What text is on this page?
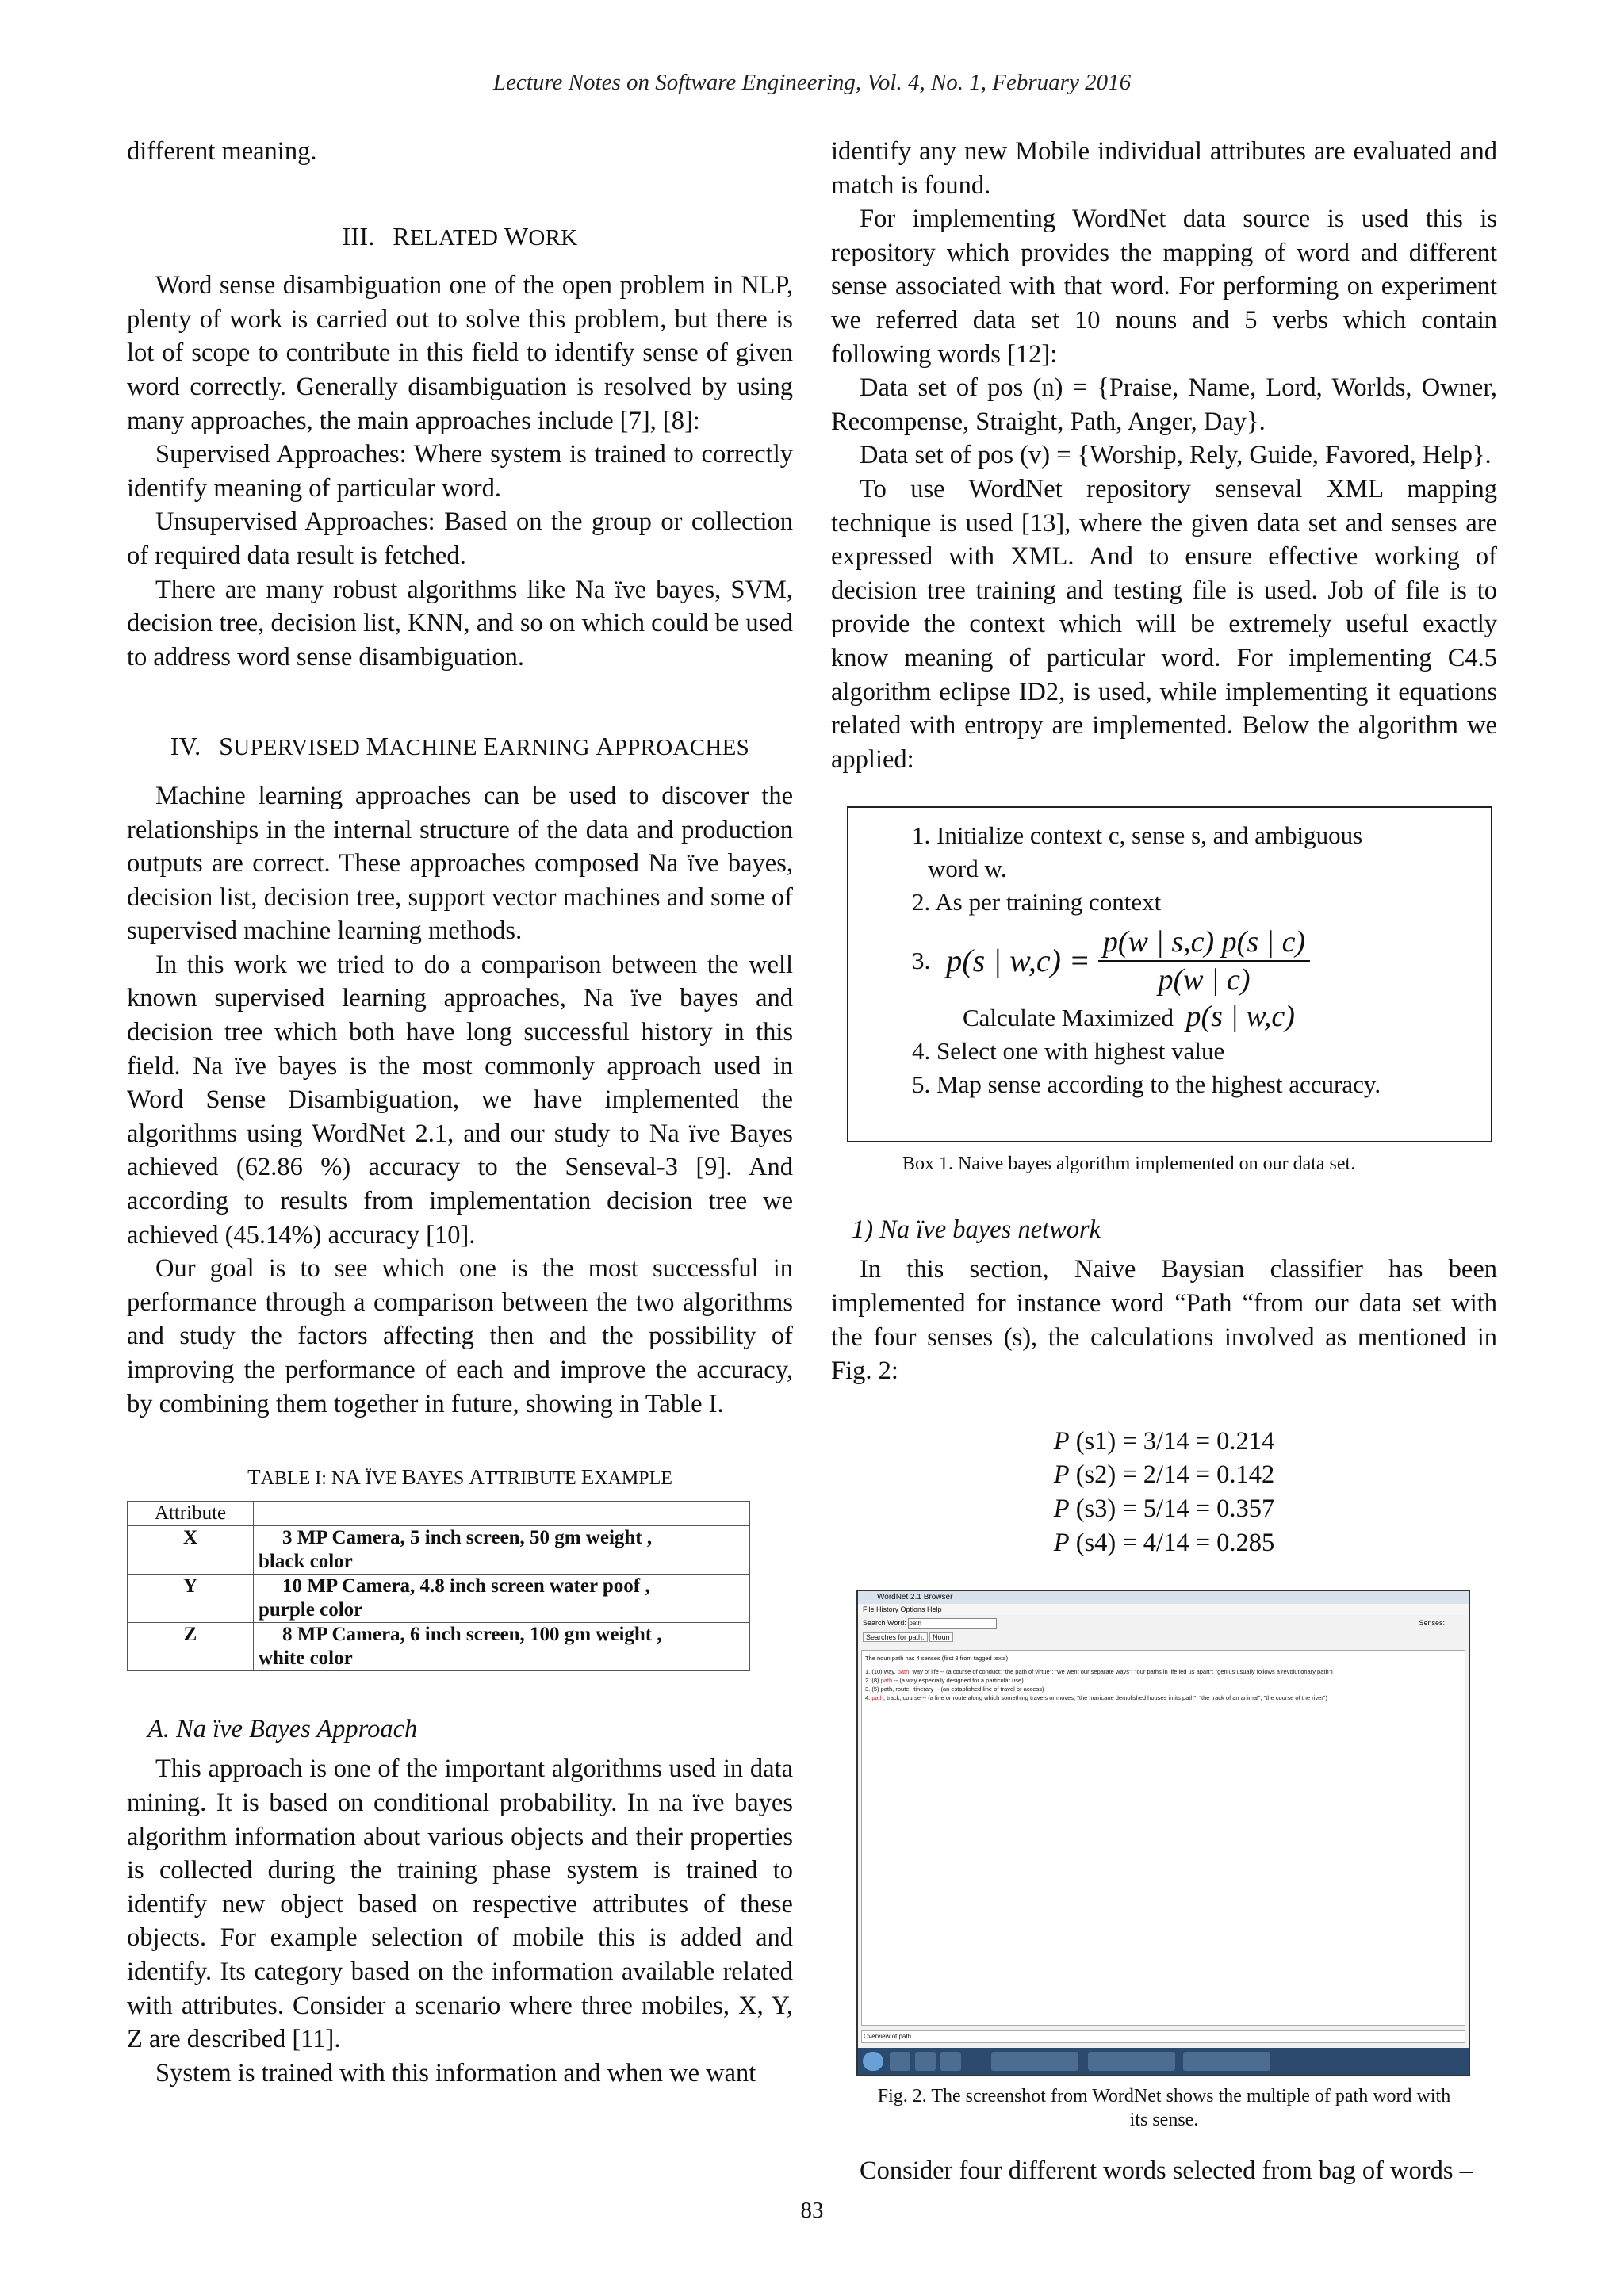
Lecture Notes on Software Engineering, Vol. 4, No. 1, February 2016

different meaning.

III. RELATED WORK

Word sense disambiguation one of the open problem in NLP, plenty of work is carried out to solve this problem, but there is lot of scope to contribute in this field to identify sense of given word correctly. Generally disambiguation is resolved by using many approaches, the main approaches include [7], [8]:

Supervised Approaches: Where system is trained to correctly identify meaning of particular word.

Unsupervised Approaches: Based on the group or collection of required data result is fetched.

There are many robust algorithms like Na ïve bayes, SVM, decision tree, decision list, KNN, and so on which could be used to address word sense disambiguation.

IV. SUPERVISED MACHINE EARNING APPROACHES

Machine learning approaches can be used to discover the relationships in the internal structure of the data and production outputs are correct. These approaches composed Na ïve bayes, decision list, decision tree, support vector machines and some of supervised machine learning methods.

In this work we tried to do a comparison between the well known supervised learning approaches, Na ïve bayes and decision tree which both have long successful history in this field. Na ïve bayes is the most commonly approach used in Word Sense Disambiguation, we have implemented the algorithms using WordNet 2.1, and our study to Na ïve Bayes achieved (62.86 %) accuracy to the Senseval-3 [9]. And according to results from implementation decision tree we achieved (45.14%) accuracy [10].

Our goal is to see which one is the most successful in performance through a comparison between the two algorithms and study the factors affecting then and the possibility of improving the performance of each and improve the accuracy, by combining them together in future, showing in Table I.

TABLE I: NA ÏVE BAYES ATTRIBUTE EXAMPLE
Attribute	
X	3 MP Camera, 5 inch screen, 50 gm weight ,
black color

Y	10 MP Camera, 4.8 inch screen water poof ,
purple color

Z	8 MP Camera, 6 inch screen, 100 gm weight ,
white color
A. Na ïve Bayes Approach

This approach is one of the important algorithms used in data mining. It is based on conditional probability. In na ïve bayes algorithm information about various objects and their properties is collected during the training phase system is trained to identify new object based on respective attributes of these objects. For example selection of mobile this is added and identify. Its category based on the information available related with attributes. Consider a scenario where three mobiles, X, Y, Z are described [11].

System is trained with this information and when we want

identify any new Mobile individual attributes are evaluated and match is found.

For implementing WordNet data source is used this is repository which provides the mapping of word and different sense associated with that word. For performing on experiment we referred data set 10 nouns and 5 verbs which contain following words [12]:

Data set of pos (n) = {Praise, Name, Lord, Worlds, Owner, Recompense, Straight, Path, Anger, Day}.

Data set of pos (v) = {Worship, Rely, Guide, Favored, Help}.

To use WordNet repository senseval XML mapping technique is used [13], where the given data set and senses are expressed with XML. And to ensure effective working of decision tree training and testing file is used. Job of file is to provide the context which will be extremely useful exactly know meaning of particular word. For implementing C4.5 algorithm eclipse ID2, is used, while implementing it equations related with entropy are implemented. Below the algorithm we applied:

1. Initialize context c, sense s, and ambiguous
word w.
2. As per training context
3. p(s | $w,c) = \frac{p(w | s,c) p(s | c)}{p(w | c)}$
Calculate Maximized p(s | w,c)
4. Select one with highest value
5. Map sense according to the highest accuracy.
Box 1. Naive bayes algorithm implemented on our data set.
1) Na ïve bayes network

In this section, Naive Baysian classifier has been implemented for instance word “Path “from our data set with the four senses (s), the calculations involved as mentioned in Fig. 2:

P (s1) = 3/14 = 0.214
P (s2) = 2/14 = 0.142
P (s3) = 5/14 = 0.357
P (s4) = 4/14 = 0.285
WordNet 2.1 Browser
File History Options Help
Search Word: path	Senses:
Searches for path: Noun
The noun path has 4 senses (first 3 from tagged texts)
1. (10) way, path, way of life -- (a course of conduct; "the path of virtue"; "we went our separate ways"; "our paths in life led us apart"; "genius usually follows a revolutionary path")
2. (8) path -- (a way especially designed for a particular use)
3. (5) path, route, itinerary -- (an established line of travel or access)
4. path, track, course -- (a line or route along which something travels or moves; "the hurricane demolished houses in its path"; "the track of an animal"; "the course of the river")
Overview of path
Fig. 2. The screenshot from WordNet shows the multiple of path word with
its sense.

Consider four different words selected from bag of words –

83
